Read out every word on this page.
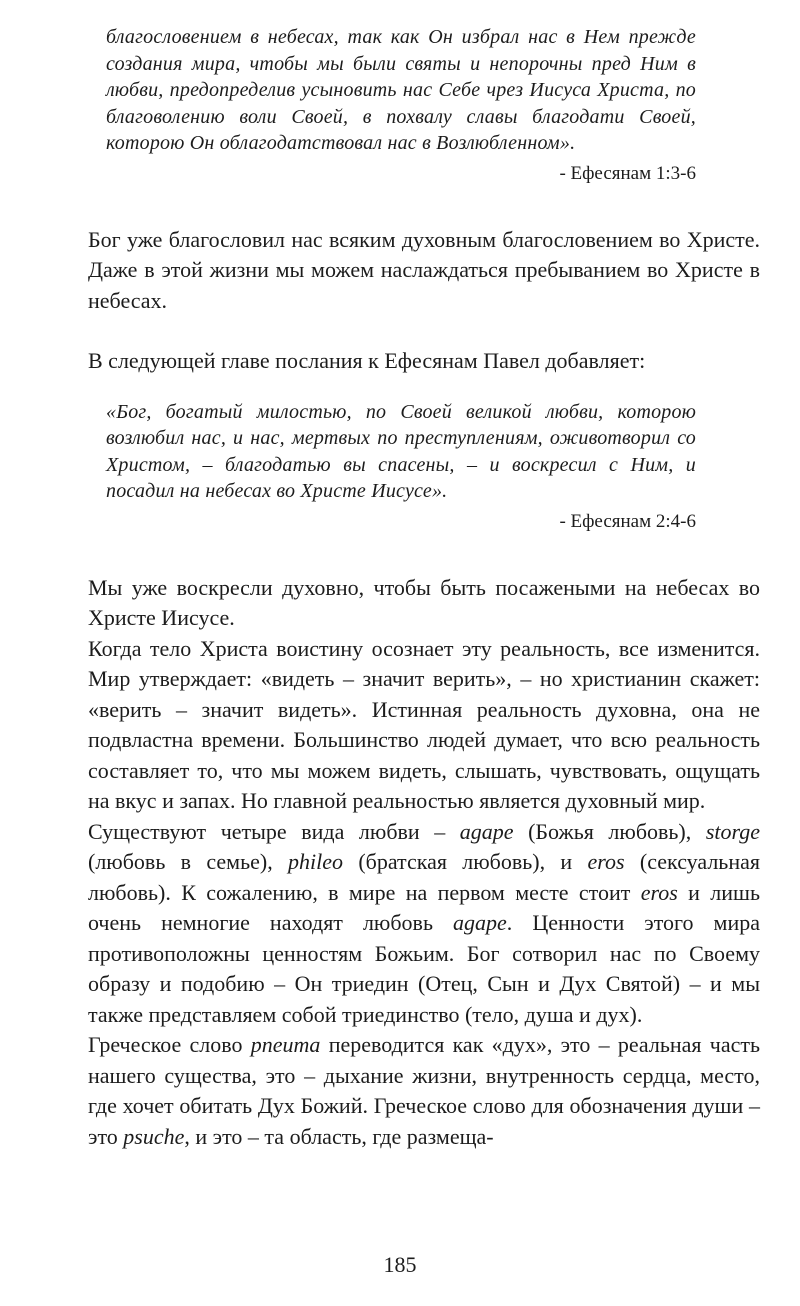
благословением в небесах, так как Он избрал нас в Нем прежде создания мира, чтобы мы были святы и непорочны пред Ним в любви, предопределив усыновить нас Себе чрез Иисуса Христа, по благоволению воли Своей, в похвалу славы благодати Своей, которою Он облагодатствовал нас в Возлюбленном».
- Ефесянам 1:3-6

Бог уже благословил нас всяким духовным благословением во Христе. Даже в этой жизни мы можем наслаждаться пребыванием во Христе в небесах.

В следующей главе послания к Ефесянам Павел добавляет:

«Бог, богатый милостью, по Своей великой любви, которою возлюбил нас, и нас, мертвых по преступлениям, оживотворил со Христом, – благодатью вы спасены, – и воскресил с Ним, и посадил на небесах во Христе Иисусе».
- Ефесянам 2:4-6

Мы уже воскресли духовно, чтобы быть посажеными на небесах во Христе Иисусе.

Когда тело Христа воистину осознает эту реальность, все изменится. Мир утверждает: «видеть – значит верить», – но христианин скажет: «верить – значит видеть». Истинная реальность духовна, она не подвластна времени. Большинство людей думает, что всю реальность составляет то, что мы можем видеть, слышать, чувствовать, ощущать на вкус и запах. Но главной реальностью является духовный мир.

Существуют четыре вида любви – agape (Божья любовь), storge (любовь в семье), phileo (братская любовь), и eros (сексуальная любовь). К сожалению, в мире на первом месте стоит eros и лишь очень немногие находят любовь agape. Ценности этого мира противоположны ценностям Божьим. Бог сотворил нас по Своему образу и подобию – Он триедин (Отец, Сын и Дух Святой) – и мы также представляем собой триединство (тело, душа и дух).

Греческое слово pneuma переводится как «дух», это – реальная часть нашего существа, это – дыхание жизни, внутренность сердца, место, где хочет обитать Дух Божий. Греческое слово для обозначения души – это psuche, и это – та область, где размеща-

185
